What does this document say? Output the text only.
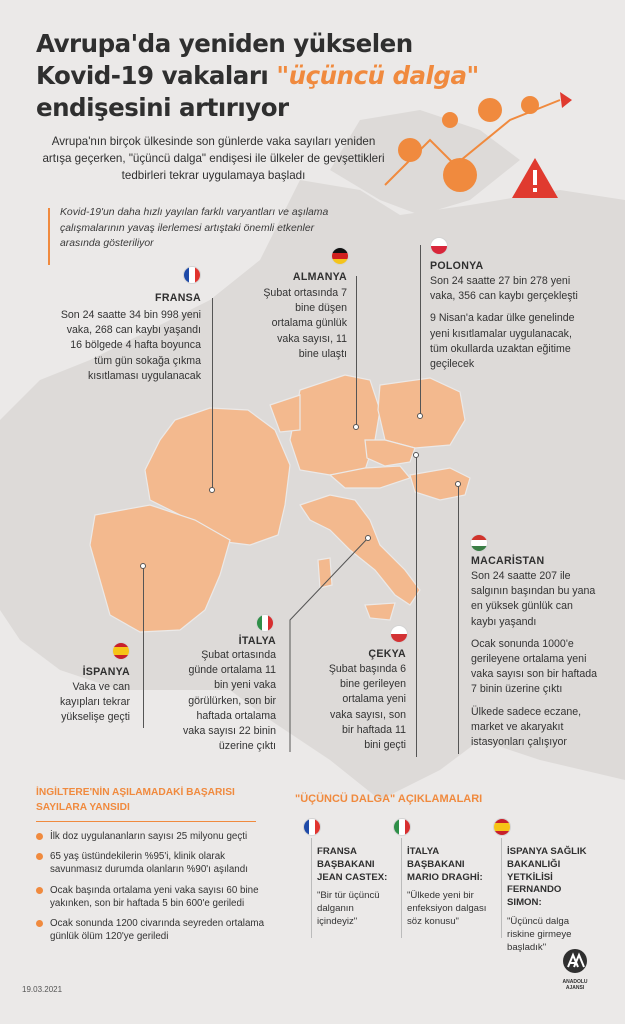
Avrupa'da yeniden yükselen
Kovid-19 vakaları "üçüncü dalga"
endişesini artırıyor
Avrupa'nın birçok ülkesinde son günlerde vaka sayıları yeniden artışa geçerken, "üçüncü dalga" endişesi ile ülkeler de gevşettikleri tedbirleri tekrar uygulamaya başladı
Kovid-19'un daha hızlı yayılan farklı varyantları ve aşılama çalışmalarının yavaş ilerlemesi artıştaki önemli etkenler arasında gösteriliyor
FRANSA

Son 24 saatte 34 bin 998 yeni vaka, 268 can kaybı yaşandı

16 bölgede 4 hafta boyunca tüm gün sokağa çıkma kısıtlaması uygulanacak

ALMANYA

Şubat ortasında 7 bine düşen ortalama günlük vaka sayısı, 11 bine ulaştı

POLONYA

Son 24 saatte 27 bin 278 yeni vaka, 356 can kaybı gerçekleşti

9 Nisan'a kadar ülke genelinde yeni kısıtlamalar uygulanacak, tüm okullarda uzaktan eğitime geçilecek

MACARİSTAN

Son 24 saatte 207 ile salgının başından bu yana en yüksek günlük can kaybı yaşandı

Ocak sonunda 1000'e gerileyene ortalama yeni vaka sayısı son bir haftada 7 binin üzerine çıktı

Ülkede sadece eczane, market ve akaryakıt istasyonları çalışıyor

İSPANYA

Vaka ve can kayıpları tekrar yükselişe geçti

İTALYA

Şubat ortasında günde ortalama 11 bin yeni vaka görülürken, son bir haftada ortalama vaka sayısı 22 binin üzerine çıktı

ÇEKYA

Şubat başında 6 bine gerileyen ortalama yeni vaka sayısı, son bir haftada 11 bini geçti

İNGİLTERE'NİN AŞILAMADAKİ BAŞARISI
SAYILARA YANSIDI
İlk doz uygulananların sayısı 25 milyonu geçti
65 yaş üstündekilerin %95'i, klinik olarak savunmasız durumda olanların %90'ı aşılandı
Ocak başında ortalama yeni vaka sayısı 60 bine yakınken, son bir haftada 5 bin 600'e geriledi
Ocak sonunda 1200 civarında seyreden ortalama günlük ölüm 120'ye geriledi
"ÜÇÜNCÜ DALGA" AÇIKLAMALARI
FRANSA BAŞBAKANI JEAN CASTEX:
"Bir tür üçüncü dalganın içindeyiz"
İTALYA BAŞBAKANI MARIO DRAGHİ:
"Ülkede yeni bir enfeksiyon dalgası söz konusu"
İSPANYA SAĞLIK BAKANLIĞI YETKİLİSİ FERNANDO SIMON:
"Üçüncü dalga riskine girmeye başladık"
19.03.2021
ANADOLU AJANSI
